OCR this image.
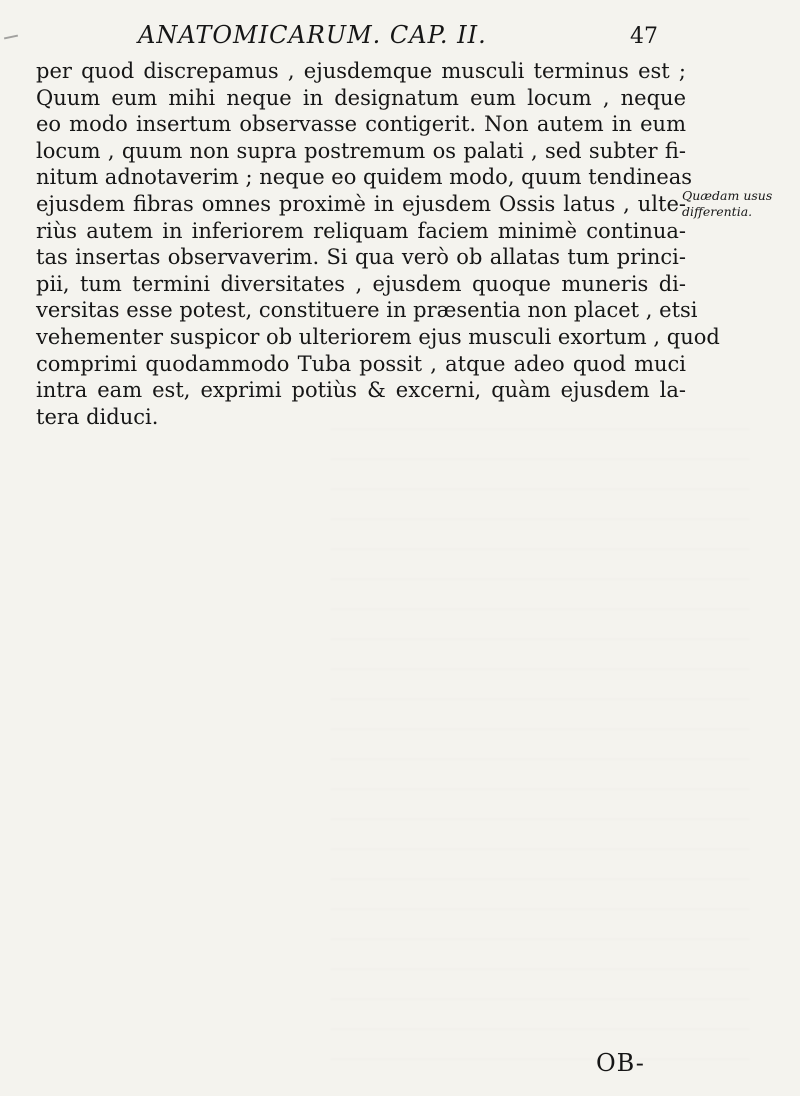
ANATOMICARUM. CAP. II.	47
per quod discrepamus , ejusdemque musculi terminus est ;
Quum eum mihi neque in designatum eum locum , neque
eo modo insertum observasse contigerit. Non autem in eum
locum , quum non supra postremum os palati , sed subter fi-
nitum adnotaverim ; neque eo quidem modo, quum tendineas
ejusdem fibras omnes proximè in ejusdem Ossis latus , ulte-
riùs autem in inferiorem reliquam faciem minimè continua-
tas insertas observaverim. Si qua verò ob allatas tum princi-
pii, tum termini diversitates , ejusdem quoque muneris di-
versitas esse potest, constituere in præsentia non placet , etsi
vehementer suspicor ob ulteriorem ejus musculi exortum , quod
comprimi quodammodo Tuba possit , atque adeo quod muci
intra eam est, exprimi potiùs & excerni, quàm ejusdem la-
tera diduci.
Quædam usus
differentia.
OB-
